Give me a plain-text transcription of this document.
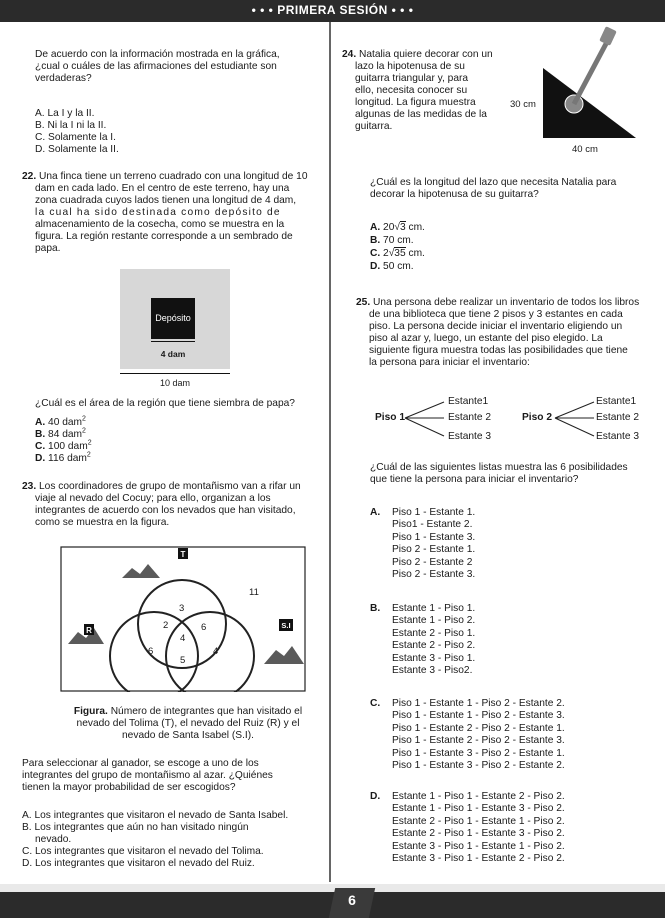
• • • PRIMERA SESIÓN • • •
De acuerdo con la información mostrada en la gráfica,
¿cual o cuáles de las afirmaciones del estudiante son
verdaderas?
A. La I y la II.
B. Ni la I ni la II.
C. Solamente la I.
D. Solamente la II.
22. Una finca tiene un terreno cuadrado con una longitud de 10
dam en cada lado. En el centro de este terreno, hay una
zona cuadrada cuyos lados tienen una longitud de 4 dam,
la cual ha sido destinada como depósito de
almacenamiento de la cosecha, como se muestra en la
figura. La región restante corresponde a un sembrado de
papa.
Depósito
4 dam
10 dam
¿Cuál es el área de la región que tiene siembra de papa?
A. 40 dam$^2$
B. 84 dam$^2$
C. 100 dam$^2$
D. 116 dam$^2$
23. Los coordinadores de grupo de montañismo van a rifar un
viaje al nevado del Cocuy; para ello, organizan a los
integrantes de acuerdo con los nevados que han visitado,
como se muestra en la figura.
T
R
S.I
11
3
2	6
4
6
5
4
Figura. Número de integrantes que han visitado el
nevado del Tolima (T), el nevado del Ruiz (R) y el
nevado de Santa Isabel (S.I).
Para seleccionar al ganador, se escoge a uno de los
integrantes del grupo de montañismo al azar. ¿Quiénes
tienen la mayor probabilidad de ser escogidos?
A. Los integrantes que visitaron el nevado de Santa Isabel.
B. Los integrantes que aún no han visitado ningún
nevado.
C. Los integrantes que visitaron el nevado del Tolima.
D. Los integrantes que visitaron el nevado del Ruiz.
24. Natalia quiere decorar con un
lazo la hipotenusa de su
guitarra triangular y, para
ello, necesita conocer su
longitud. La figura muestra
algunas de las medidas de la
guitarra.
30 cm
40 cm
¿Cuál es la longitud del lazo que necesita Natalia para
decorar la hipotenusa de su guitarra?
A. 20√3 cm.
B. 70 cm.
C. 2√35 cm.
D. 50 cm.
25. Una persona debe realizar un inventario de todos los libros
de una biblioteca que tiene 2 pisos y 3 estantes en cada
piso. La persona decide iniciar el inventario eligiendo un
piso al azar y, luego, un estante del piso elegido. La
siguiente figura muestra todas las posibilidades que tiene
la persona para iniciar el inventario:
Piso 1	Piso 2
Estante1
Estante 2
Estante 3
Estante1
Estante 2
Estante 3
¿Cuál de las siguientes listas muestra las 6 posibilidades
que tiene la persona para iniciar el inventario?
A. Piso 1 - Estante 1.
Piso1 - Estante 2.
Piso 1 - Estante 3.
Piso 2 - Estante 1.
Piso 2 - Estante 2
Piso 2 - Estante 3.
B. Estante 1 - Piso 1.
Estante 1 - Piso 2.
Estante 2 - Piso 1.
Estante 2 - Piso 2.
Estante 3 - Piso 1.
Estante 3 - Piso2.
C. Piso 1 - Estante 1 - Piso 2 - Estante 2.
Piso 1 - Estante 1 - Piso 2 - Estante 3.
Piso 1 - Estante 2 - Piso 2 - Estante 1.
Piso 1 - Estante 2 - Piso 2 - Estante 3.
Piso 1 - Estante 3 - Piso 2 - Estante 1.
Piso 1 - Estante 3 - Piso 2 - Estante 2.
D. Estante 1 - Piso 1 - Estante 2 - Piso 2.
Estante 1 - Piso 1 - Estante 3 - Piso 2.
Estante 2 - Piso 1 - Estante 1 - Piso 2.
Estante 2 - Piso 1 - Estante 3 - Piso 2.
Estante 3 - Piso 1 - Estante 1 - Piso 2.
Estante 3 - Piso 1 - Estante 2 - Piso 2.
6
